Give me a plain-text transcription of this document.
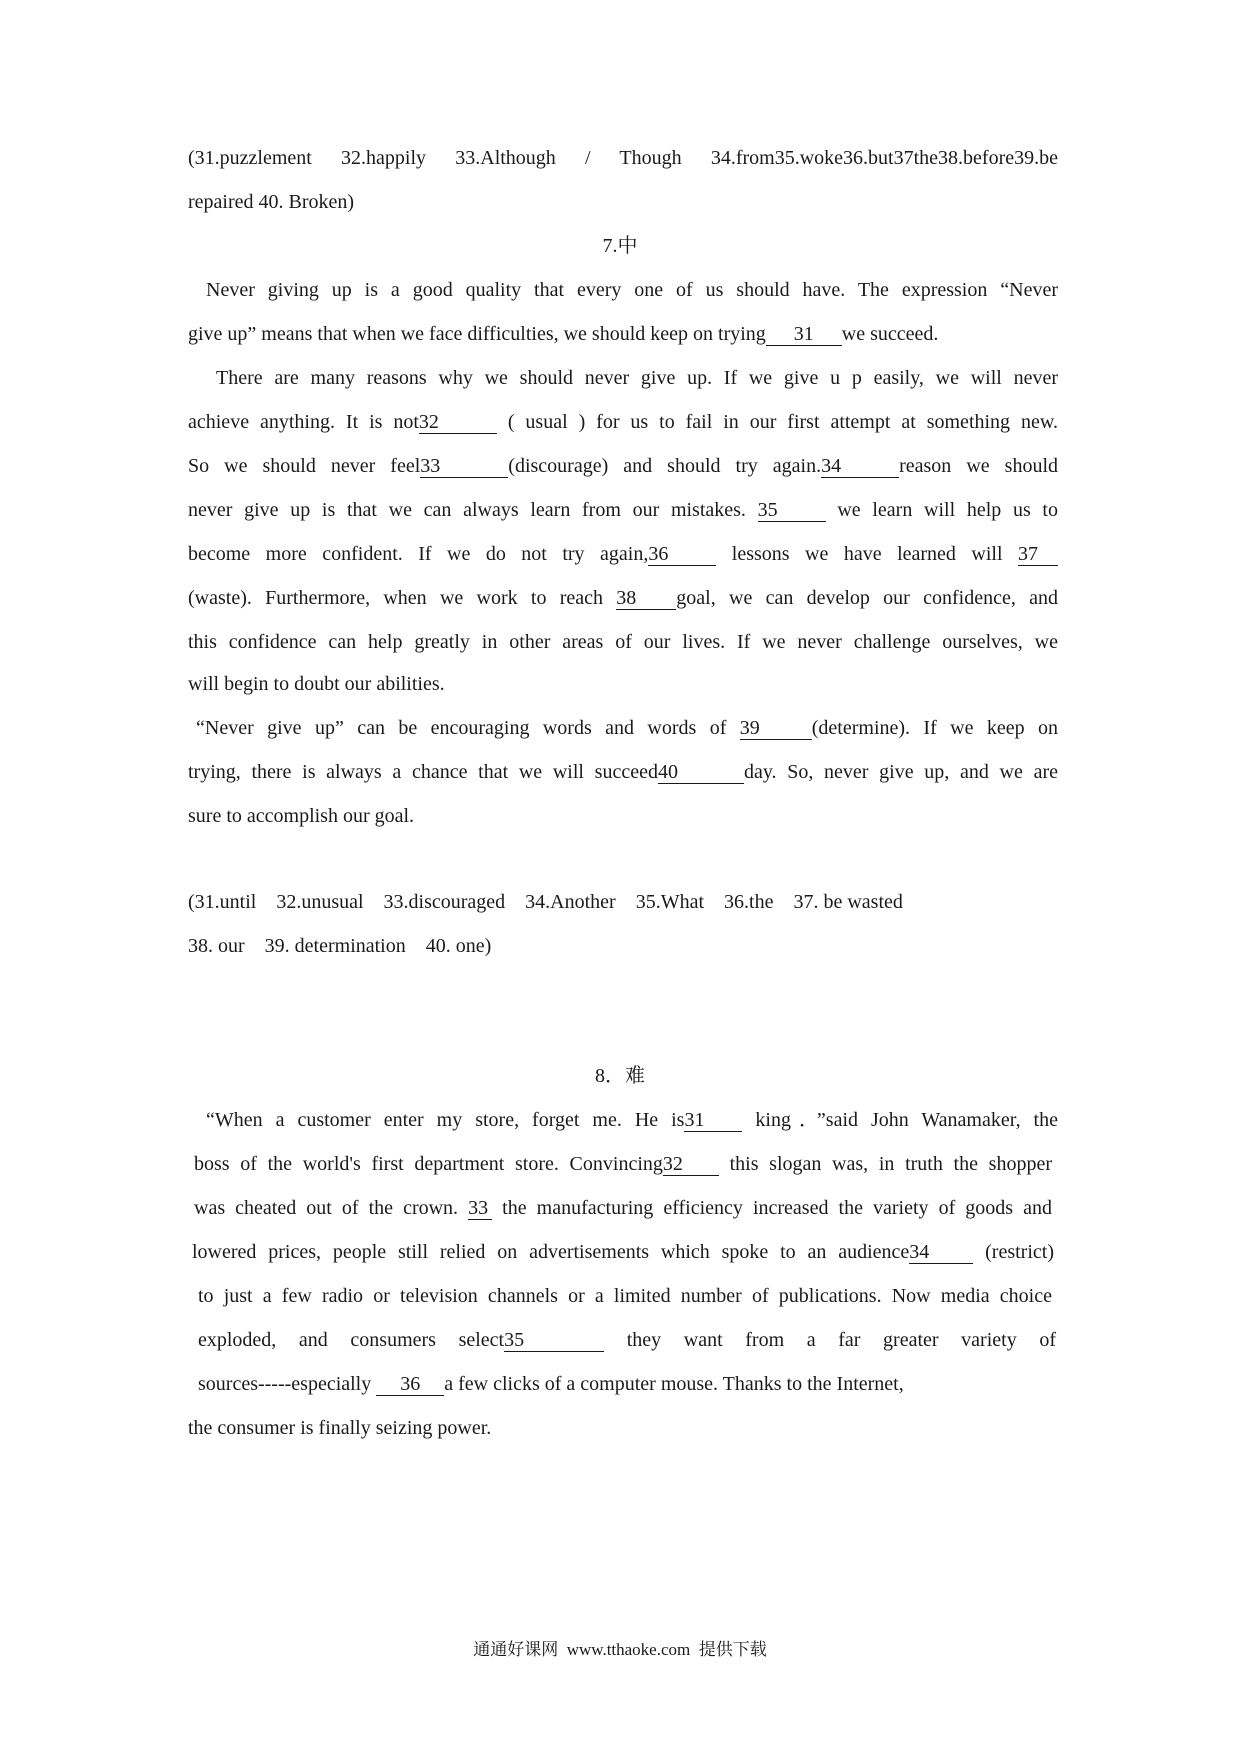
(31.puzzlement 32.happily 33.Although / Though 34.from35.woke36.but37the38.before39.be
repaired 40. Broken)
7.中
Never giving up is a good quality that every one of us should have. The expression “Never
give up” means that when we face difficulties, we should keep on trying 31 we succeed.
There are many reasons why we should never give up. If we give u p easily, we will never
achieve anything. It is not32	( usual ) for us to fail in our first attempt at something new.
So we should never feel33	(discourage) and should try again.34	reason we should
never give up is that we can always learn from our mistakes. 35 we learn will help us to
become more confident. If we do not try again,36 lessons we have learned will 37
(waste). Furthermore, when we work to reach 38 goal, we can develop our confidence, and
this confidence can help greatly in other areas of our lives. If we never challenge ourselves, we
will begin to doubt our abilities.
“Never give up” can be encouraging words and words of 39	(determine). If we keep on
trying, there is always a chance that we will succeed40	day. So, never give up, and we are
sure to accomplish our goal.
(31.until    32.unusual    33.discouraged    34.Another    35.What    36.the    37. be wasted
38. our    39. determination    40. one)
8．难
“When a customer enter my store, forget me. He is31 king．”said John Wanamaker, the
boss of the world's first department store. Convincing32 this slogan was, in truth the shopper
was cheated out of the crown. 33 the manufacturing efficiency increased the variety of goods and
lowered prices, people still relied on advertisements which spoke to an audience34 (restrict)
to just a few radio or television channels or a limited number of publications. Now media choice
exploded, and consumers select35	they want from a far greater variety of
sources-----especially 36 a few clicks of a computer mouse. Thanks to the Internet,
the consumer is finally seizing power.
通通好课网  www.tthaoke.com  提供下载
